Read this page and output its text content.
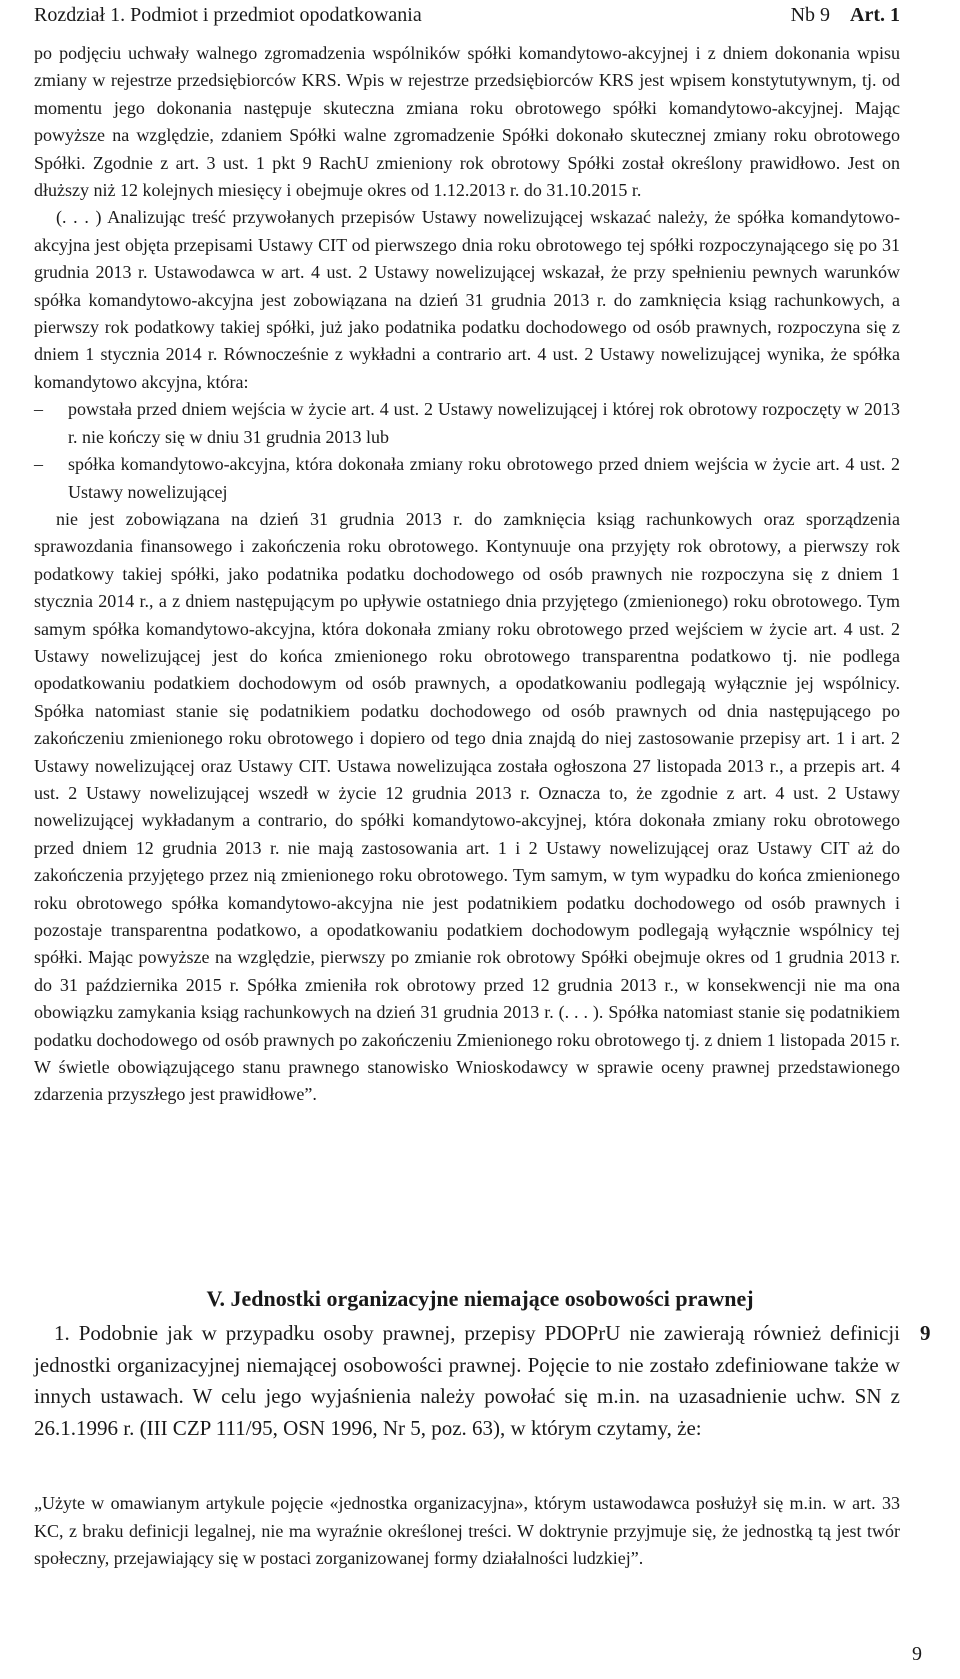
Rozdział 1. Podmiot i przedmiot opodatkowania	Nb 9 Art. 1

po podjęciu uchwały walnego zgromadzenia wspólników spółki komandytowo-akcyjnej i z dniem dokonania wpisu zmiany w rejestrze przedsiębiorców KRS. Wpis w rejestrze przedsiębiorców KRS jest wpisem konstytutywnym, tj. od momentu jego dokonania następuje skuteczna zmiana roku obrotowego spółki komandytowo-akcyjnej. Mając powyższe na względzie, zdaniem Spółki walne zgromadzenie Spółki dokonało skutecznej zmiany roku obrotowego Spółki. Zgodnie z art. 3 ust. 1 pkt 9 RachU zmieniony rok obrotowy Spółki został określony prawidłowo. Jest on dłuższy niż 12 kolejnych miesięcy i obejmuje okres od 1.12.2013 r. do 31.10.2015 r.

(. . . ) Analizując treść przywołanych przepisów Ustawy nowelizującej wskazać należy, że spółka komandytowo-akcyjna jest objęta przepisami Ustawy CIT od pierwszego dnia roku obrotowego tej spółki rozpoczynającego się po 31 grudnia 2013 r. Ustawodawca w art. 4 ust. 2 Ustawy nowelizującej wskazał, że przy spełnieniu pewnych warunków spółka komandytowo-akcyjna jest zobowiązana na dzień 31 grudnia 2013 r. do zamknięcia ksiąg rachunkowych, a pierwszy rok podatkowy takiej spółki, już jako podatnika podatku dochodowego od osób prawnych, rozpoczyna się z dniem 1 stycznia 2014 r. Równocześnie z wykładni a contrario art. 4 ust. 2 Ustawy nowelizującej wynika, że spółka komandytowo akcyjna, która:

– powstała przed dniem wejścia w życie art. 4 ust. 2 Ustawy nowelizującej i której rok obrotowy rozpoczęty w 2013 r. nie kończy się w dniu 31 grudnia 2013 lub
– spółka komandytowo-akcyjna, która dokonała zmiany roku obrotowego przed dniem wejścia w życie art. 4 ust. 2 Ustawy nowelizującej

nie jest zobowiązana na dzień 31 grudnia 2013 r. do zamknięcia ksiąg rachunkowych oraz sporządzenia sprawozdania finansowego i zakończenia roku obrotowego. Kontynuuje ona przyjęty rok obrotowy, a pierwszy rok podatkowy takiej spółki, jako podatnika podatku dochodowego od osób prawnych nie rozpoczyna się z dniem 1 stycznia 2014 r., a z dniem następującym po upływie ostatniego dnia przyjętego (zmienionego) roku obrotowego. Tym samym spółka komandytowo-akcyjna, która dokonała zmiany roku obrotowego przed wejściem w życie art. 4 ust. 2 Ustawy nowelizującej jest do końca zmienionego roku obrotowego transparentna podatkowo tj. nie podlega opodatkowaniu podatkiem dochodowym od osób prawnych, a opodatkowaniu podlegają wyłącznie jej wspólnicy. Spółka natomiast stanie się podatnikiem podatku dochodowego od osób prawnych od dnia następującego po zakończeniu zmienionego roku obrotowego i dopiero od tego dnia znajdą do niej zastosowanie przepisy art. 1 i art. 2 Ustawy nowelizującej oraz Ustawy CIT. Ustawa nowelizująca została ogłoszona 27 listopada 2013 r., a przepis art. 4 ust. 2 Ustawy nowelizującej wszedł w życie 12 grudnia 2013 r. Oznacza to, że zgodnie z art. 4 ust. 2 Ustawy nowelizującej wykładanym a contrario, do spółki komandytowo-akcyjnej, która dokonała zmiany roku obrotowego przed dniem 12 grudnia 2013 r. nie mają zastosowania art. 1 i 2 Ustawy nowelizującej oraz Ustawy CIT aż do zakończenia przyjętego przez nią zmienionego roku obrotowego. Tym samym, w tym wypadku do końca zmienionego roku obrotowego spółka komandytowo-akcyjna nie jest podatnikiem podatku dochodowego od osób prawnych i pozostaje transparentna podatkowo, a opodatkowaniu podatkiem dochodowym podlegają wyłącznie wspólnicy tej spółki. Mając powyższe na względzie, pierwszy po zmianie rok obrotowy Spółki obejmuje okres od 1 grudnia 2013 r. do 31 października 2015 r. Spółka zmieniła rok obrotowy przed 12 grudnia 2013 r., w konsekwencji nie ma ona obowiązku zamykania ksiąg rachunkowych na dzień 31 grudnia 2013 r. (. . . ). Spółka natomiast stanie się podatnikiem podatku dochodowego od osób prawnych po zakończeniu Zmienionego roku obrotowego tj. z dniem 1 listopada 2015 r. W świetle obowiązującego stanu prawnego stanowisko Wnioskodawcy w sprawie oceny prawnej przedstawionego zdarzenia przyszłego jest prawidłowe”.

V. Jednostki organizacyjne niemające osobowości prawnej

1. Podobnie jak w przypadku osoby prawnej, przepisy PDOPrU nie zawierają również definicji jednostki organizacyjnej niemającej osobowości prawnej. Pojęcie to nie zostało zdefiniowane także w innych ustawach. W celu jego wyjaśnienia należy powołać się m.in. na uzasadnienie uchw. SN z 26.1.1996 r. (III CZP 111/95, OSN 1996, Nr 5, poz. 63), w którym czytamy, że:

9

„Użyte w omawianym artykule pojęcie «jednostka organizacyjna», którym ustawodawca posłużył się m.in. w art. 33 KC, z braku definicji legalnej, nie ma wyraźnie określonej treści. W doktrynie przyjmuje się, że jednostką tą jest twór społeczny, przejawiający się w postaci zorganizowanej formy działalności ludzkiej”.

9
